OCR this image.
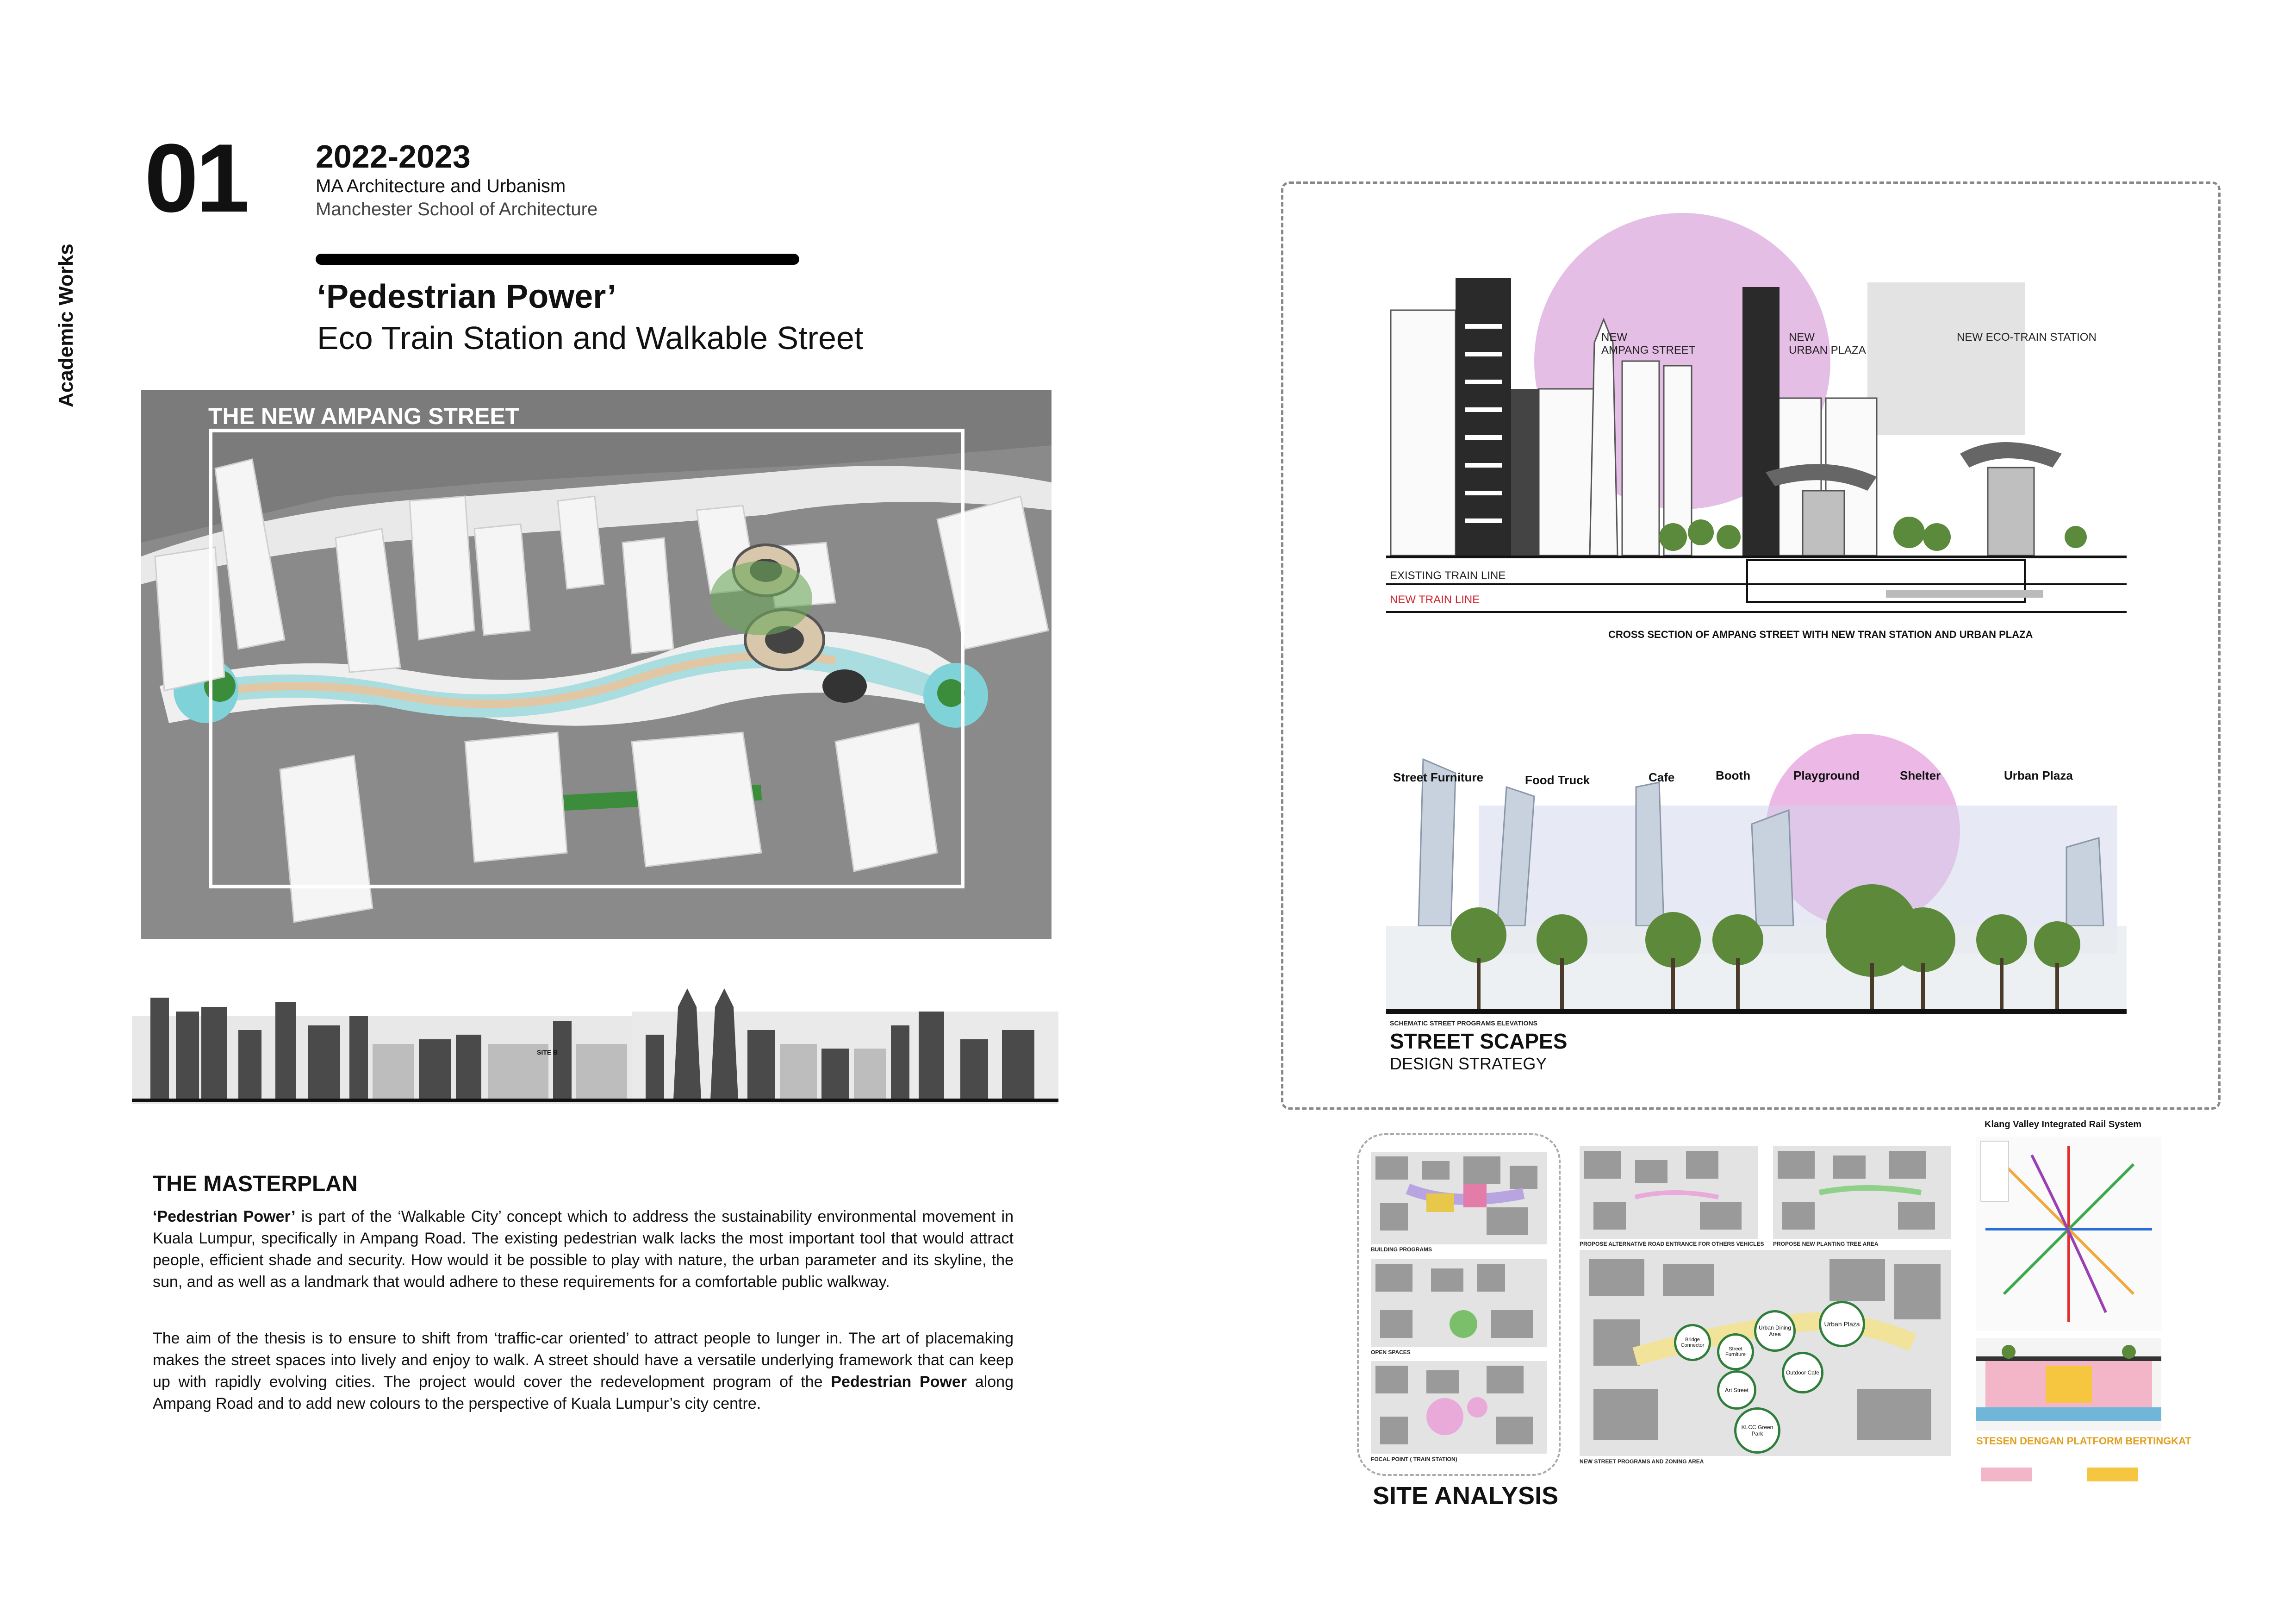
Academic Works
01 2022-2023
MA Architecture and Urbanism
Manchester School of Architecture
‘Pedestrian Power’
Eco Train Station and Walkable Street
THE NEW AMPANG STREET
SITE B
THE MASTERPLAN
‘Pedestrian Power’ is part of the ‘Walkable City’ concept which to address the sustainability environmental movement in Kuala Lumpur, specifically in Ampang Road. The existing pedestrian walk lacks the most important tool that would attract people, efficient shade and security. How would it be possible to play with nature, the urban parameter and its skyline, the sun, and as well as a landmark that would adhere to these requirements for a comfortable public walkway.
The aim of the thesis is to ensure to shift from ‘traffic-car oriented’ to attract people to lunger in. The art of placemaking makes the street spaces into lively and enjoy to walk. A street should have a versatile underlying framework that can keep up with rapidly evolving cities. The project would cover the redevelopment program of the Pedestrian Power along Ampang Road and to add new colours to the perspective of Kuala Lumpur’s city centre.
NEW
AMPANG STREET
NEW
URBAN PLAZA
NEW ECO-TRAIN STATION
EXISTING TRAIN LINE
NEW TRAIN LINE
CROSS SECTION OF AMPANG STREET WITH NEW TRAN STATION AND URBAN PLAZA
Street Furniture	Food Truck	Cafe	Booth	Playground	Shelter	Urban Plaza
SCHEMATIC STREET PROGRAMS ELEVATIONS
STREET SCAPES
DESIGN STRATEGY
BUILDING PROGRAMS
OPEN SPACES
FOCAL POINT ( TRAIN STATION)
PROPOSE ALTERNATIVE ROAD ENTRANCE FOR OTHERS VEHICLES PROPOSE NEW PLANTING TREE AREA
NEW STREET PROGRAMS AND ZONING AREA
Urban Plaza
Urban Dining Area
Bridge Connector
Street Furniture
Outdoor Cafe
Art Street
KLCC Green Park
Klang Valley Integrated Rail System
STESEN DENGAN PLATFORM BERTINGKAT
SITE ANALYSIS
